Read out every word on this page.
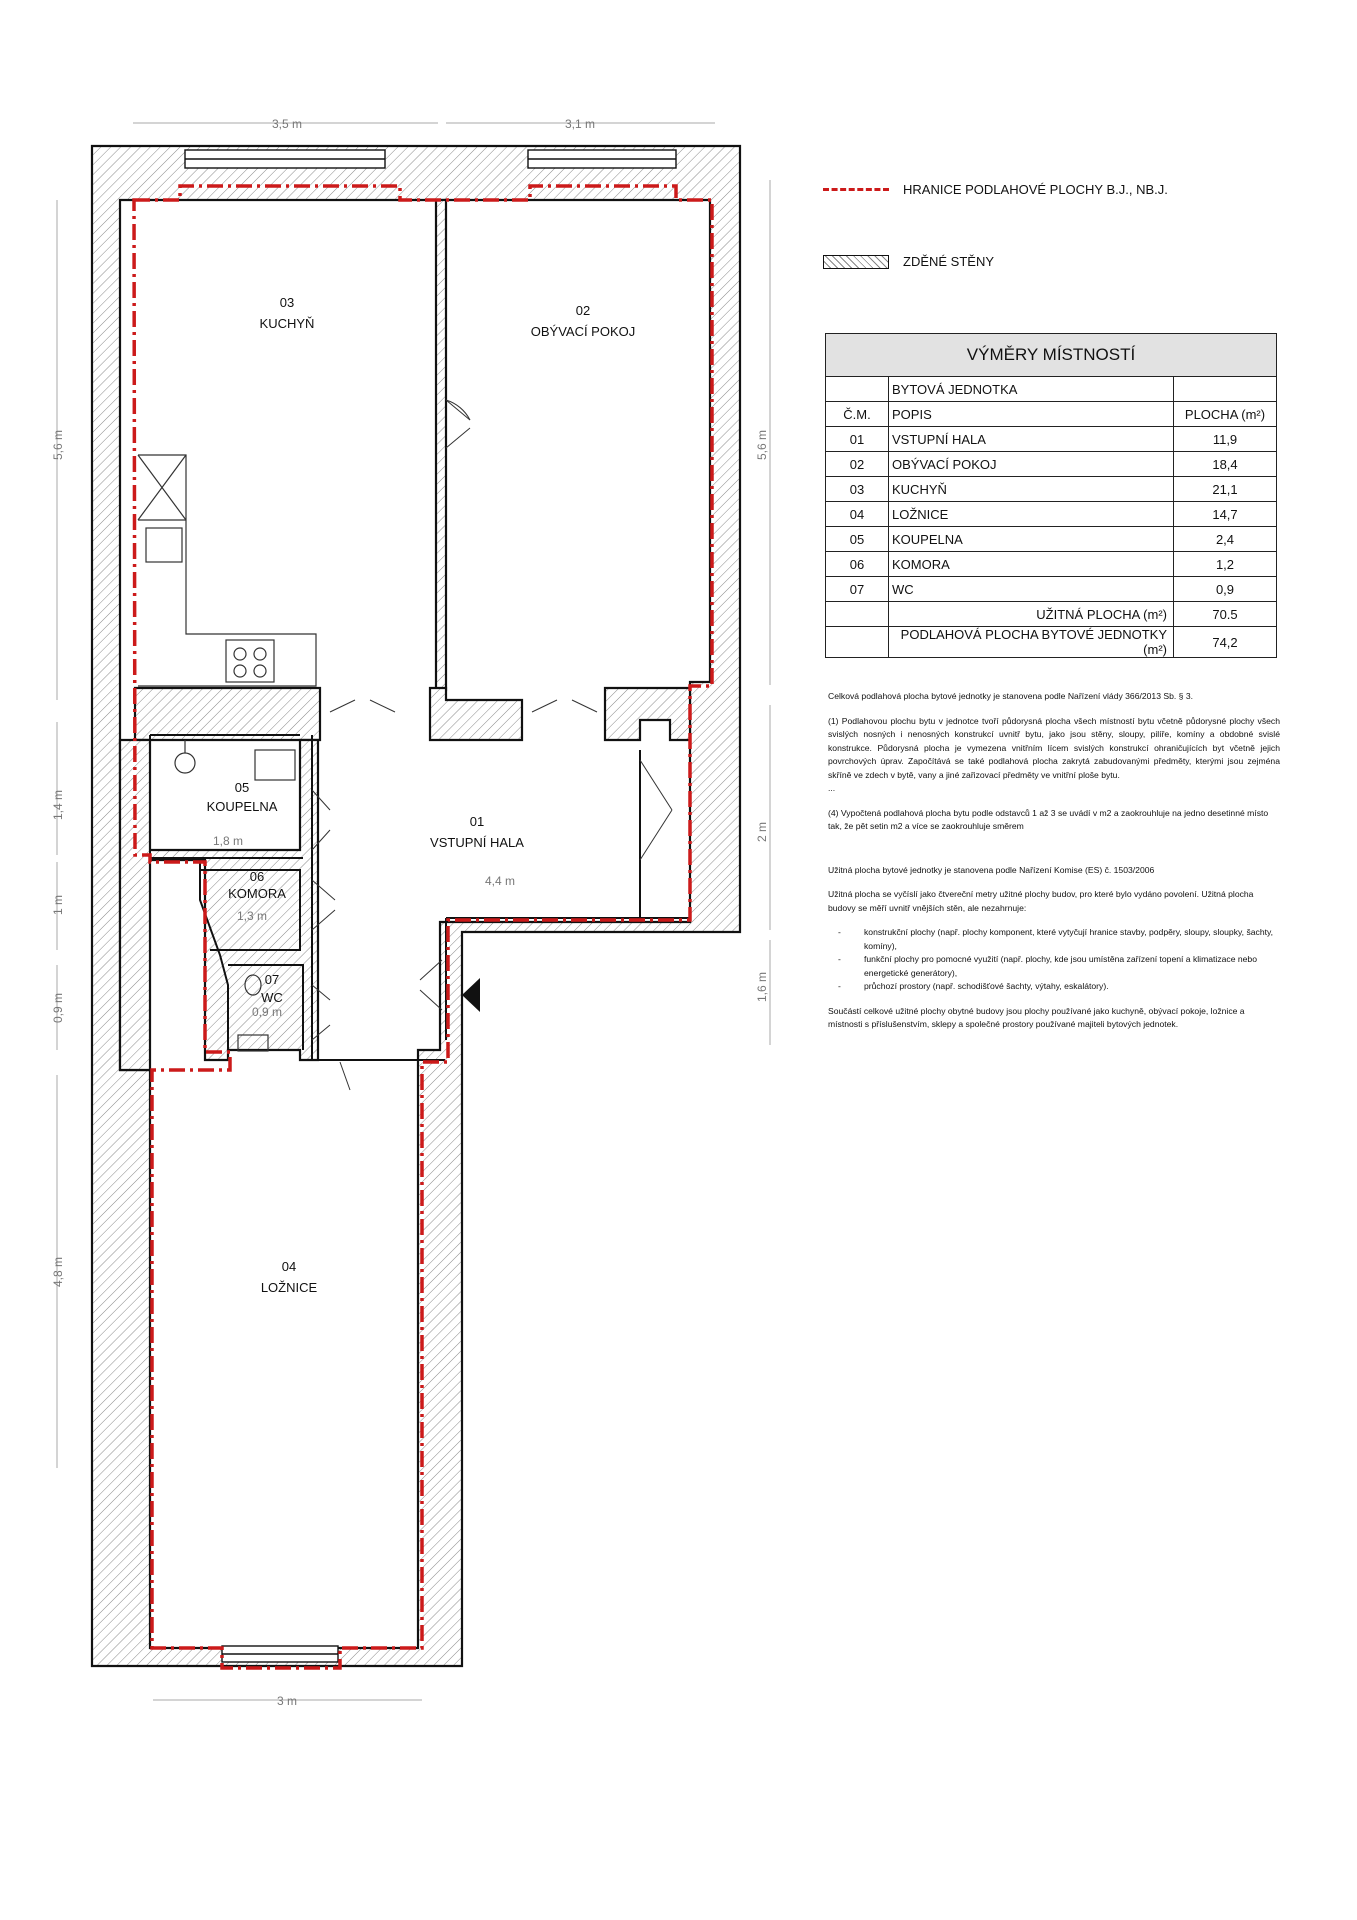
3,5 m	3,1 m
3 m
5,6 m
1,4 m
1 m
0,9 m
4,8 m
5,6 m
2 m
1,6 m
1,8 m
1,3 m
0,9 m
4,4 m
03
KUCHYŇ
02
OBÝVACÍ POKOJ
05
KOUPELNA
01
VSTUPNÍ HALA
06
KOMORA
07
WC
04
LOŽNICE
HRANICE PODLAHOVÉ PLOCHY B.J., NB.J.
ZDĚNÉ STĚNY
VÝMĚRY MÍSTNOSTÍ		
	BYTOVÁ JEDNOTKA	
Č.M.	POPIS	PLOCHA (m²)
01	VSTUPNÍ HALA	11,9
02	OBÝVACÍ POKOJ	18,4
03	KUCHYŇ	21,1
04	LOŽNICE	14,7
05	KOUPELNA	2,4
06	KOMORA	1,2
07	WC	0,9
	UŽITNÁ PLOCHA (m²)	70.5
	PODLAHOVÁ PLOCHA BYTOVÉ JEDNOTKY (m²)	74,2

Celková podlahová plocha bytové jednotky je stanovena podle Nařízení vlády 366/2013 Sb. § 3.

(1) Podlahovou plochu bytu v jednotce tvoří půdorysná plocha všech místností bytu včetně půdorysné plochy všech svislých nosných i nenosných konstrukcí uvnitř bytu, jako jsou stěny, sloupy, pilíře, komíny a obdobné svislé konstrukce. Půdorysná plocha je vymezena vnitřním lícem svislých konstrukcí ohraničujících byt včetně jejich povrchových úprav. Započítává se také podlahová plocha zakrytá zabudovanými předměty, kterými jsou zejména skříně ve zdech v bytě, vany a jiné zařizovací předměty ve vnitřní ploše bytu.

...

(4) Vypočtená podlahová plocha bytu podle odstavců 1 až 3 se uvádí v m2 a zaokrouhluje na jedno desetinné místo tak, že pět setin m2 a více se zaokrouhluje směrem

Užitná plocha bytové jednotky je stanovena podle Nařízení Komise (ES) č. 1503/2006

Užitná plocha se vyčíslí jako čtvereční metry užitné plochy budov, pro které bylo vydáno povolení. Užitná plocha budovy se měří uvnitř vnějších stěn, ale nezahrnuje:

- konstrukční plochy (např. plochy komponent, které vytyčují hranice stavby, podpěry, sloupy, sloupky, šachty, komíny),
- funkční plochy pro pomocné využití (např. plochy, kde jsou umístěna zařízení topení a klimatizace nebo energetické generátory),
- průchozí prostory (např. schodišťové šachty, výtahy, eskalátory).

Součástí celkové užitné plochy obytné budovy jsou plochy používané jako kuchyně, obývací pokoje, ložnice a místnosti s příslušenstvím, sklepy a společné prostory používané majiteli bytových jednotek.
